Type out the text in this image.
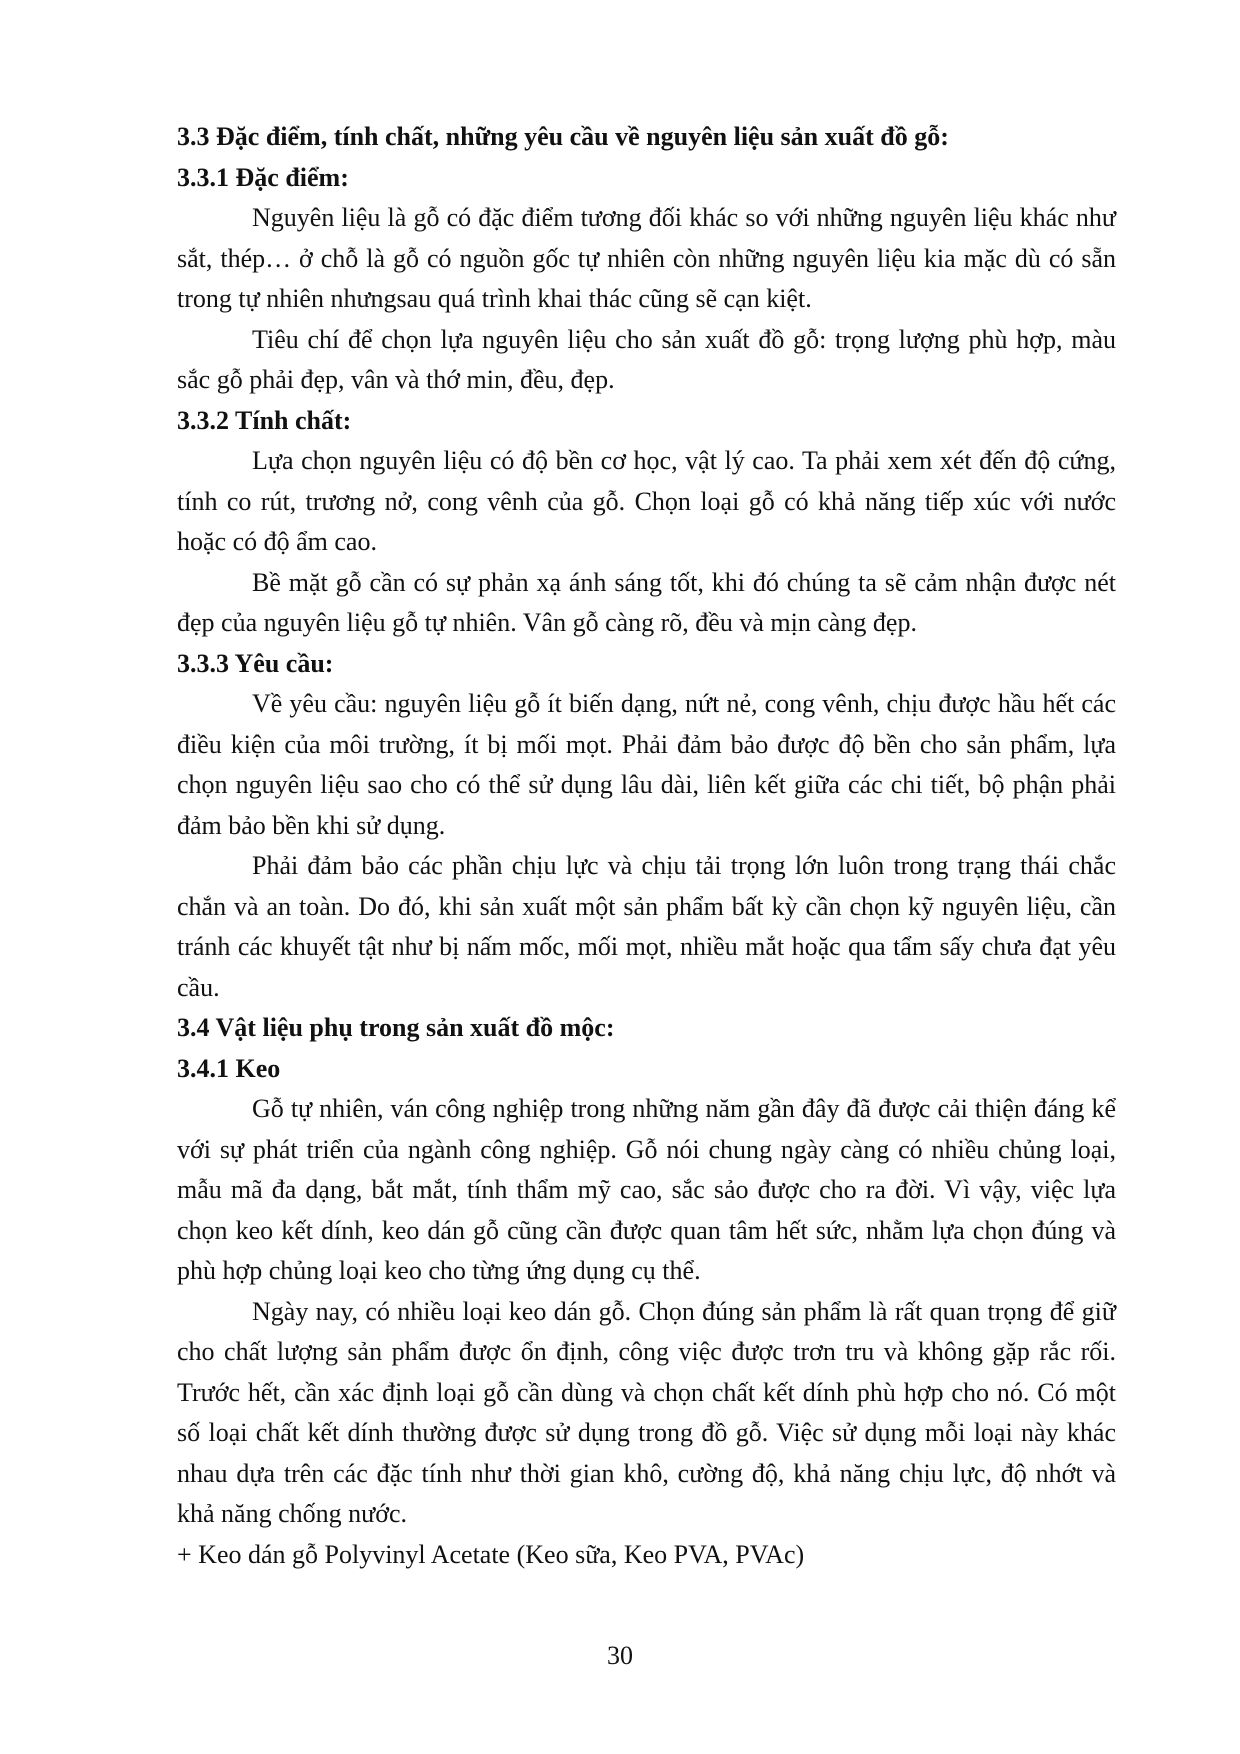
3.3 Đặc điểm, tính chất, những yêu cầu về nguyên liệu sản xuất đồ gỗ:

3.3.1 Đặc điểm:

Nguyên liệu là gỗ có đặc điểm tương đối khác so với những nguyên liệu khác như sắt, thép… ở chỗ là gỗ có nguồn gốc tự nhiên còn những nguyên liệu kia mặc dù có sẵn trong tự nhiên nhưngsau quá trình khai thác cũng sẽ cạn kiệt.

Tiêu chí để chọn lựa nguyên liệu cho sản xuất đồ gỗ: trọng lượng phù hợp, màu sắc gỗ phải đẹp, vân và thớ min, đều, đẹp.

3.3.2 Tính chất:

Lựa chọn nguyên liệu có độ bền cơ học, vật lý cao. Ta phải xem xét đến độ cứng, tính co rút, trương nở, cong vênh của gỗ. Chọn loại gỗ có khả năng tiếp xúc với nước hoặc có độ ẩm cao.

Bề mặt gỗ cần có sự phản xạ ánh sáng tốt, khi đó chúng ta sẽ cảm nhận được nét đẹp của nguyên liệu gỗ tự nhiên. Vân gỗ càng rõ, đều và mịn càng đẹp.

3.3.3 Yêu cầu:

Về yêu cầu: nguyên liệu gỗ ít biến dạng, nứt nẻ, cong vênh, chịu được hầu hết các điều kiện của môi trường, ít bị mối mọt. Phải đảm bảo được độ bền cho sản phẩm, lựa chọn nguyên liệu sao cho có thể sử dụng lâu dài, liên kết giữa các chi tiết, bộ phận phải đảm bảo bền khi sử dụng.

Phải đảm bảo các phần chịu lực và chịu tải trọng lớn luôn trong trạng thái chắc chắn và an toàn. Do đó, khi sản xuất một sản phẩm bất kỳ cần chọn kỹ nguyên liệu, cần tránh các khuyết tật như bị nấm mốc, mối mọt, nhiều mắt hoặc qua tẩm sấy chưa đạt yêu cầu.

3.4 Vật liệu phụ trong sản xuất đồ mộc:

3.4.1 Keo

Gỗ tự nhiên, ván công nghiệp trong những năm gần đây đã được cải thiện đáng kể với sự phát triển của ngành công nghiệp. Gỗ nói chung ngày càng có nhiều chủng loại, mẫu mã đa dạng, bắt mắt, tính thẩm mỹ cao, sắc sảo được cho ra đời. Vì vậy, việc lựa chọn keo kết dính, keo dán gỗ cũng cần được quan tâm hết sức, nhằm lựa chọn đúng và phù hợp chủng loại keo cho từng ứng dụng cụ thể.

Ngày nay, có nhiều loại keo dán gỗ. Chọn đúng sản phẩm là rất quan trọng để giữ cho chất lượng sản phẩm được ổn định, công việc được trơn tru và không gặp rắc rối. Trước hết, cần xác định loại gỗ cần dùng và chọn chất kết dính phù hợp cho nó. Có một số loại chất kết dính thường được sử dụng trong đồ gỗ. Việc sử dụng mỗi loại này khác nhau dựa trên các đặc tính như thời gian khô, cường độ, khả năng chịu lực, độ nhớt và khả năng chống nước.

+ Keo dán gỗ Polyvinyl Acetate (Keo sữa, Keo PVA, PVAc)

30
